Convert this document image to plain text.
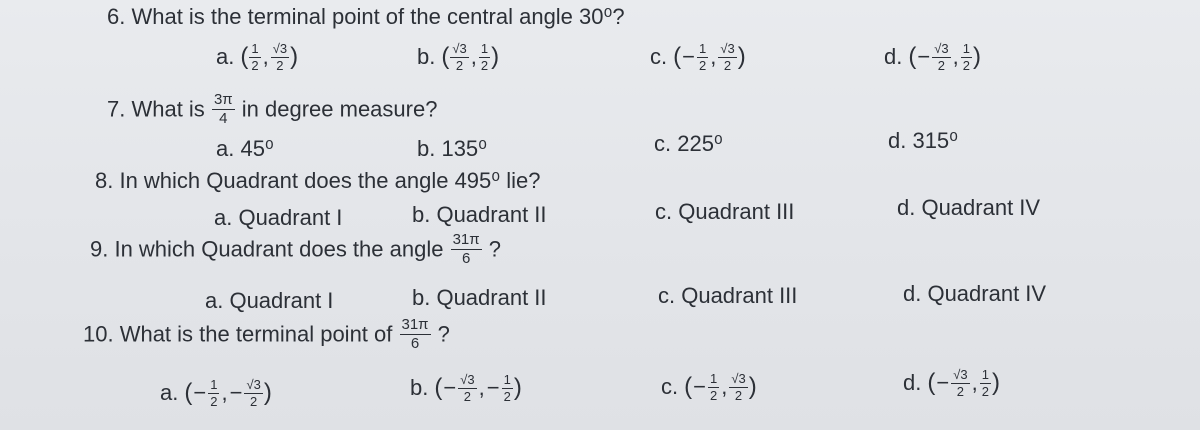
6. What is the terminal point of the central angle 30⁰?
a. ( $\frac{1}{2}$ , $\frac{√3}{2}$ )	b. ( $\frac{√3}{2}$ , $\frac{1}{2}$ )	c. (− $\frac{1}{2}$ , $\frac{√3}{2}$ )	d. (− $\frac{√3}{2}$ , $\frac{1}{2}$ )
7. What is $\frac{3\pi}{4}$ in degree measure?
a. 45⁰	b. 135⁰	c. 225⁰	d. 315⁰
8. In which Quadrant does the angle 495⁰ lie?
a. Quadrant I	b. Quadrant II	c. Quadrant III	d. Quadrant IV
9. In which Quadrant does the angle $\frac{31\pi}{6}$ ?
a. Quadrant I	b. Quadrant II	c. Quadrant III	d. Quadrant IV
10. What is the terminal point of $\frac{31\pi}{6}$ ?
a. (− $\frac{1}{2}$ ,− $\frac{√3}{2}$ )	b. (− $\frac{√3}{2}$ ,− $\frac{1}{2}$ )	c. (− $\frac{1}{2}$ , $\frac{√3}{2}$ )	d. (− $\frac{√3}{2}$ , $\frac{1}{2}$ )
